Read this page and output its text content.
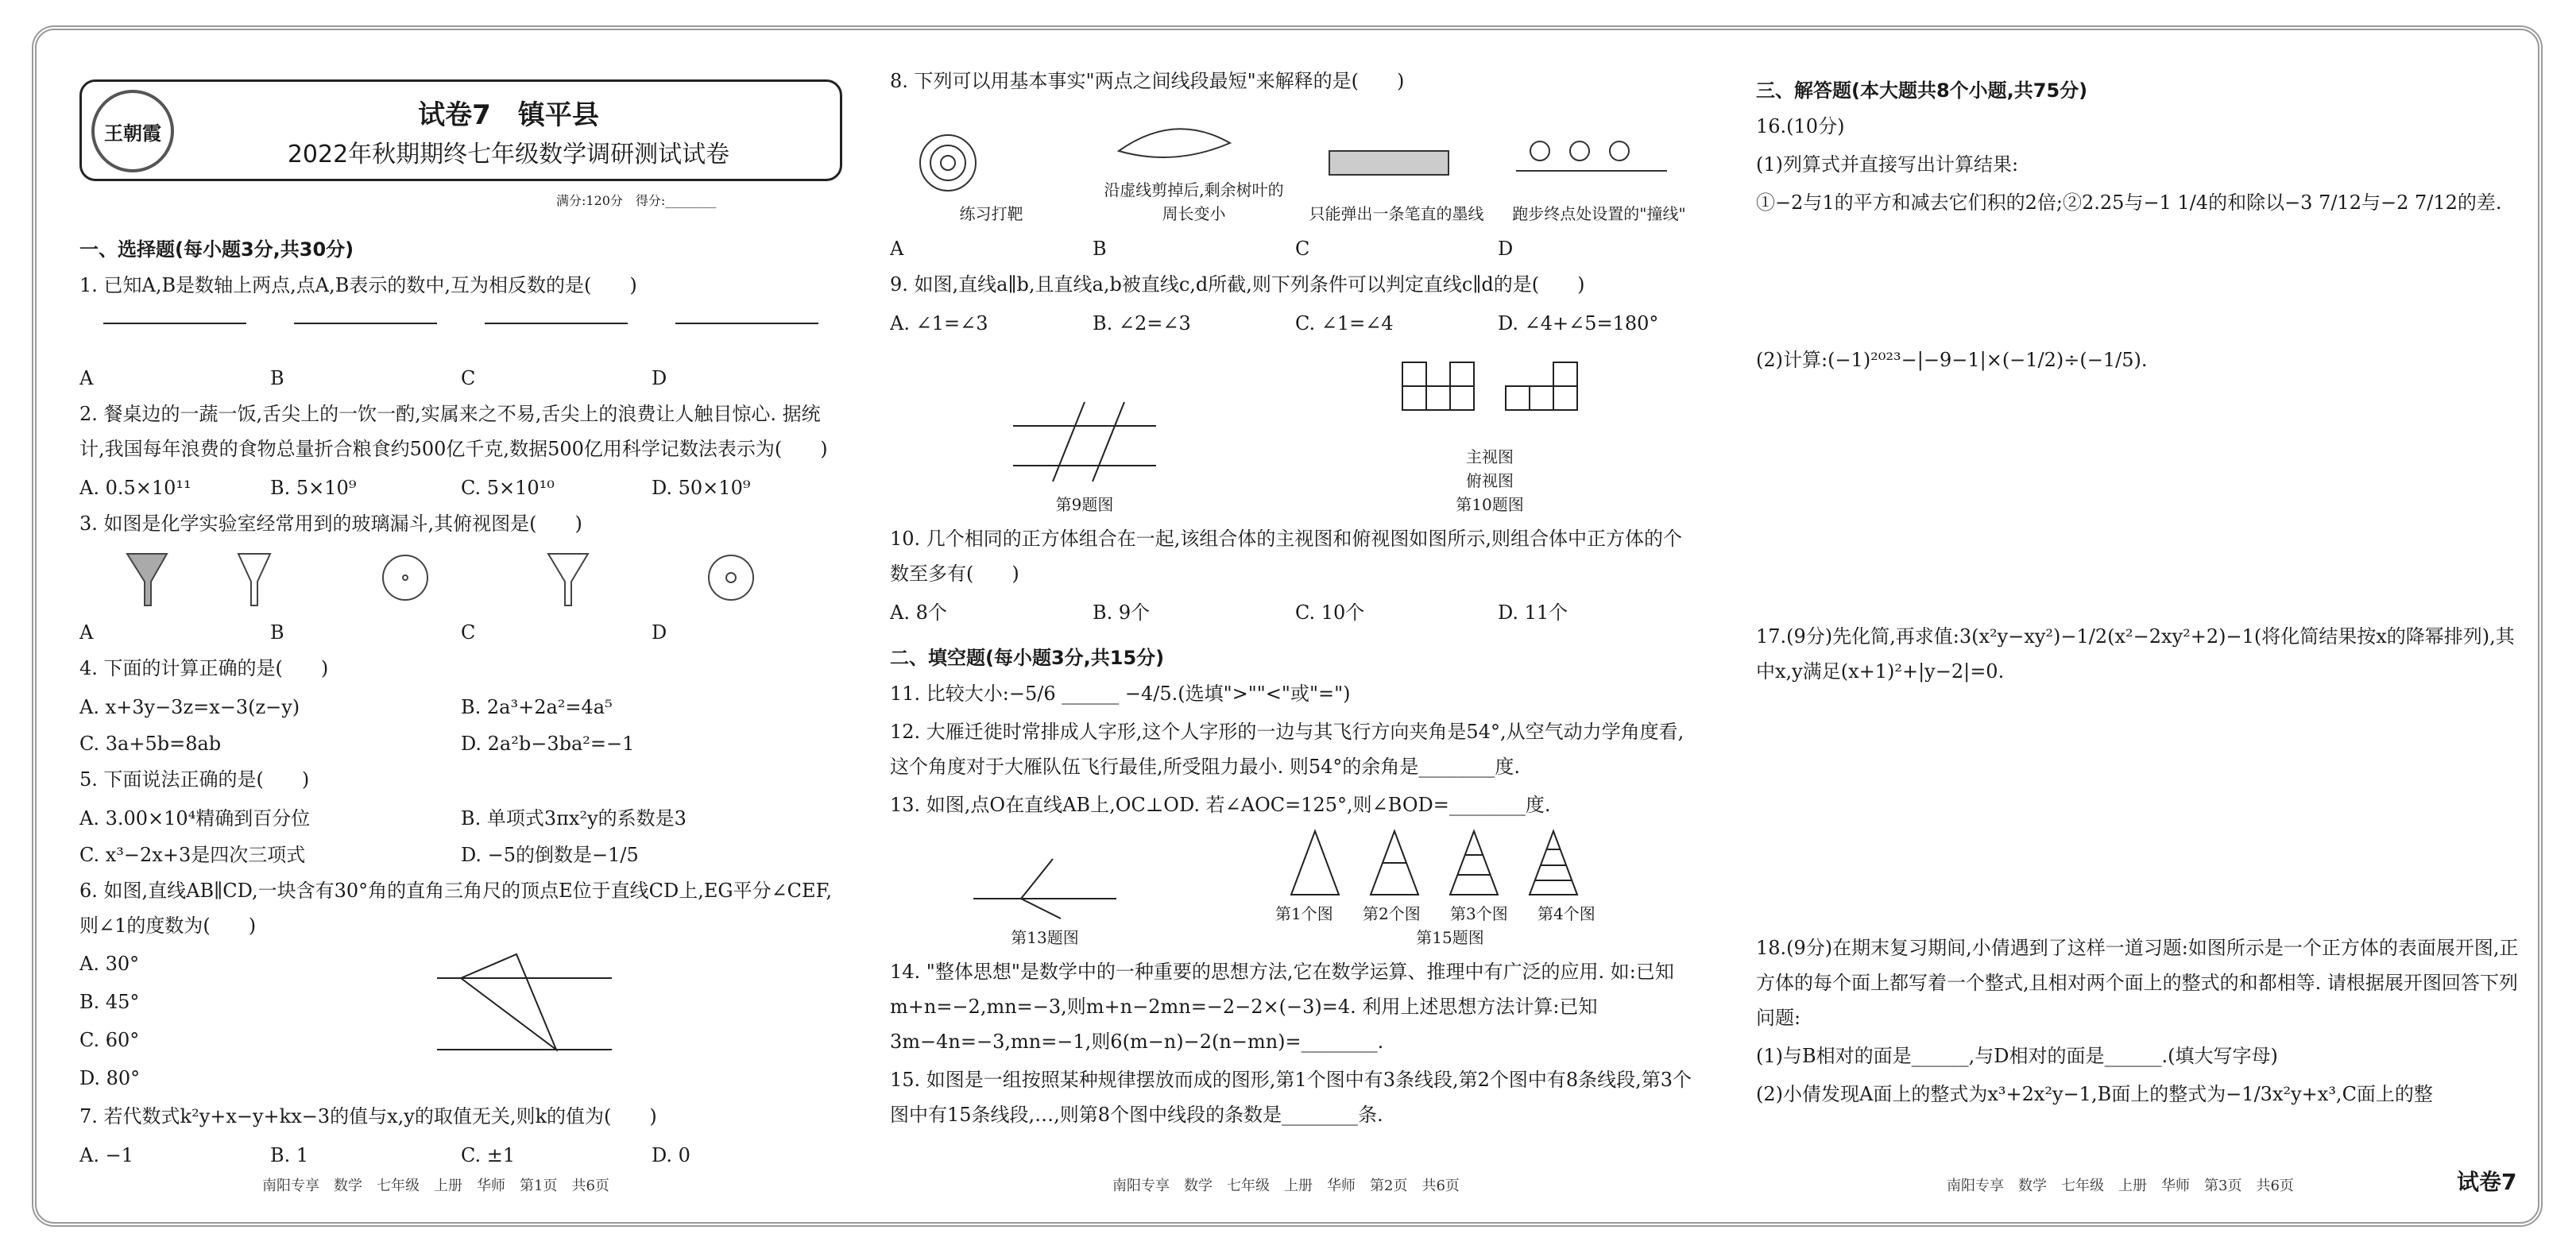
王朝霞
试卷7　镇平县
2022年秋期期终七年级数学调研测试试卷
满分:120分　得分:________
一、选择题(每小题3分,共30分)
1. 已知A,B是数轴上两点,点A,B表示的数中,互为相反数的是(　　)
A	B	C	D
2. 餐桌边的一蔬一饭,舌尖上的一饮一酌,实属来之不易,舌尖上的浪费让人触目惊心. 据统计,我国每年浪费的食物总量折合粮食约500亿千克,数据500亿用科学记数法表示为(　　)
A. 0.5×10¹¹	B. 5×10⁹	C. 5×10¹⁰	D. 50×10⁹
3. 如图是化学实验室经常用到的玻璃漏斗,其俯视图是(　　)
A	B	C	D
4. 下面的计算正确的是(　　)
A. x+3y−3z=x−3(z−y)	B. 2a³+2a²=4a⁵
C. 3a+5b=8ab	D. 2a²b−3ba²=−1
5. 下面说法正确的是(　　)
A. 3.00×10⁴精确到百分位	B. 单项式3πx²y的系数是3
C. x³−2x+3是四次三项式	D. −5的倒数是−1/5
6. 如图,直线AB∥CD,一块含有30°角的直角三角尺的顶点E位于直线CD上,EG平分∠CEF,则∠1的度数为(　　)
A. 30°
B. 45°
C. 60°
D. 80°
7. 若代数式k²y+x−y+kx−3的值与x,y的取值无关,则k的值为(　　)
A. −1	B. 1	C. ±1	D. 0
8. 下列可以用基本事实"两点之间线段最短"来解释的是(　　)
练习打靶
沿虚线剪掉后,剩余树叶的周长变小	只能弹出一条笔直的墨线 跑步终点处设置的"撞线"
A	B	C	D
9. 如图,直线a∥b,且直线a,b被直线c,d所截,则下列条件可以判定直线c∥d的是(　　)
A. ∠1=∠3	B. ∠2=∠3	C. ∠1=∠4	D. ∠4+∠5=180°
第9题图
主视图
俯视图
第10题图
10. 几个相同的正方体组合在一起,该组合体的主视图和俯视图如图所示,则组合体中正方体的个数至多有(　　)
A. 8个	B. 9个	C. 10个	D. 11个
二、填空题(每小题3分,共15分)
11. 比较大小:−5/6 ______ −4/5.(选填">""<"或"=")
12. 大雁迁徙时常排成人字形,这个人字形的一边与其飞行方向夹角是54°,从空气动力学角度看,这个角度对于大雁队伍飞行最佳,所受阻力最小. 则54°的余角是________度.
13. 如图,点O在直线AB上,OC⊥OD. 若∠AOC=125°,则∠BOD=________度.
第13题图
第1个图	第2个图	第3个图	第4个图
第15题图
14. "整体思想"是数学中的一种重要的思想方法,它在数学运算、推理中有广泛的应用. 如:已知m+n=−2,mn=−3,则m+n−2mn=−2−2×(−3)=4. 利用上述思想方法计算:已知3m−4n=−3,mn=−1,则6(m−n)−2(n−mn)=________.
15. 如图是一组按照某种规律摆放而成的图形,第1个图中有3条线段,第2个图中有8条线段,第3个图中有15条线段,…,则第8个图中线段的条数是________条.
三、解答题(本大题共8个小题,共75分)
16.(10分)
(1)列算式并直接写出计算结果:
①−2与1的平方和减去它们积的2倍;②2.25与−1 1/4的和除以−3 7/12与−2 7/12的差.
(2)计算:(−1)²⁰²³−|−9−1|×(−1/2)÷(−1/5).
17.(9分)先化简,再求值:3(x²y−xy²)−1/2(x²−2xy²+2)−1(将化简结果按x的降幂排列),其中x,y满足(x+1)²+|y−2|=0.
18.(9分)在期末复习期间,小倩遇到了这样一道习题:如图所示是一个正方体的表面展开图,正方体的每个面上都写着一个整式,且相对两个面上的整式的和都相等. 请根据展开图回答下列问题:
(1)与B相对的面是______,与D相对的面是______.(填大写字母)
(2)小倩发现A面上的整式为x³+2x²y−1,B面上的整式为−1/3x²y+x³,C面上的整
南阳专享　数学　七年级　上册　华师　第1页　共6页	南阳专享　数学　七年级　上册　华师　第2页　共6页	南阳专享　数学　七年级　上册　华师　第3页　共6页	试卷7
